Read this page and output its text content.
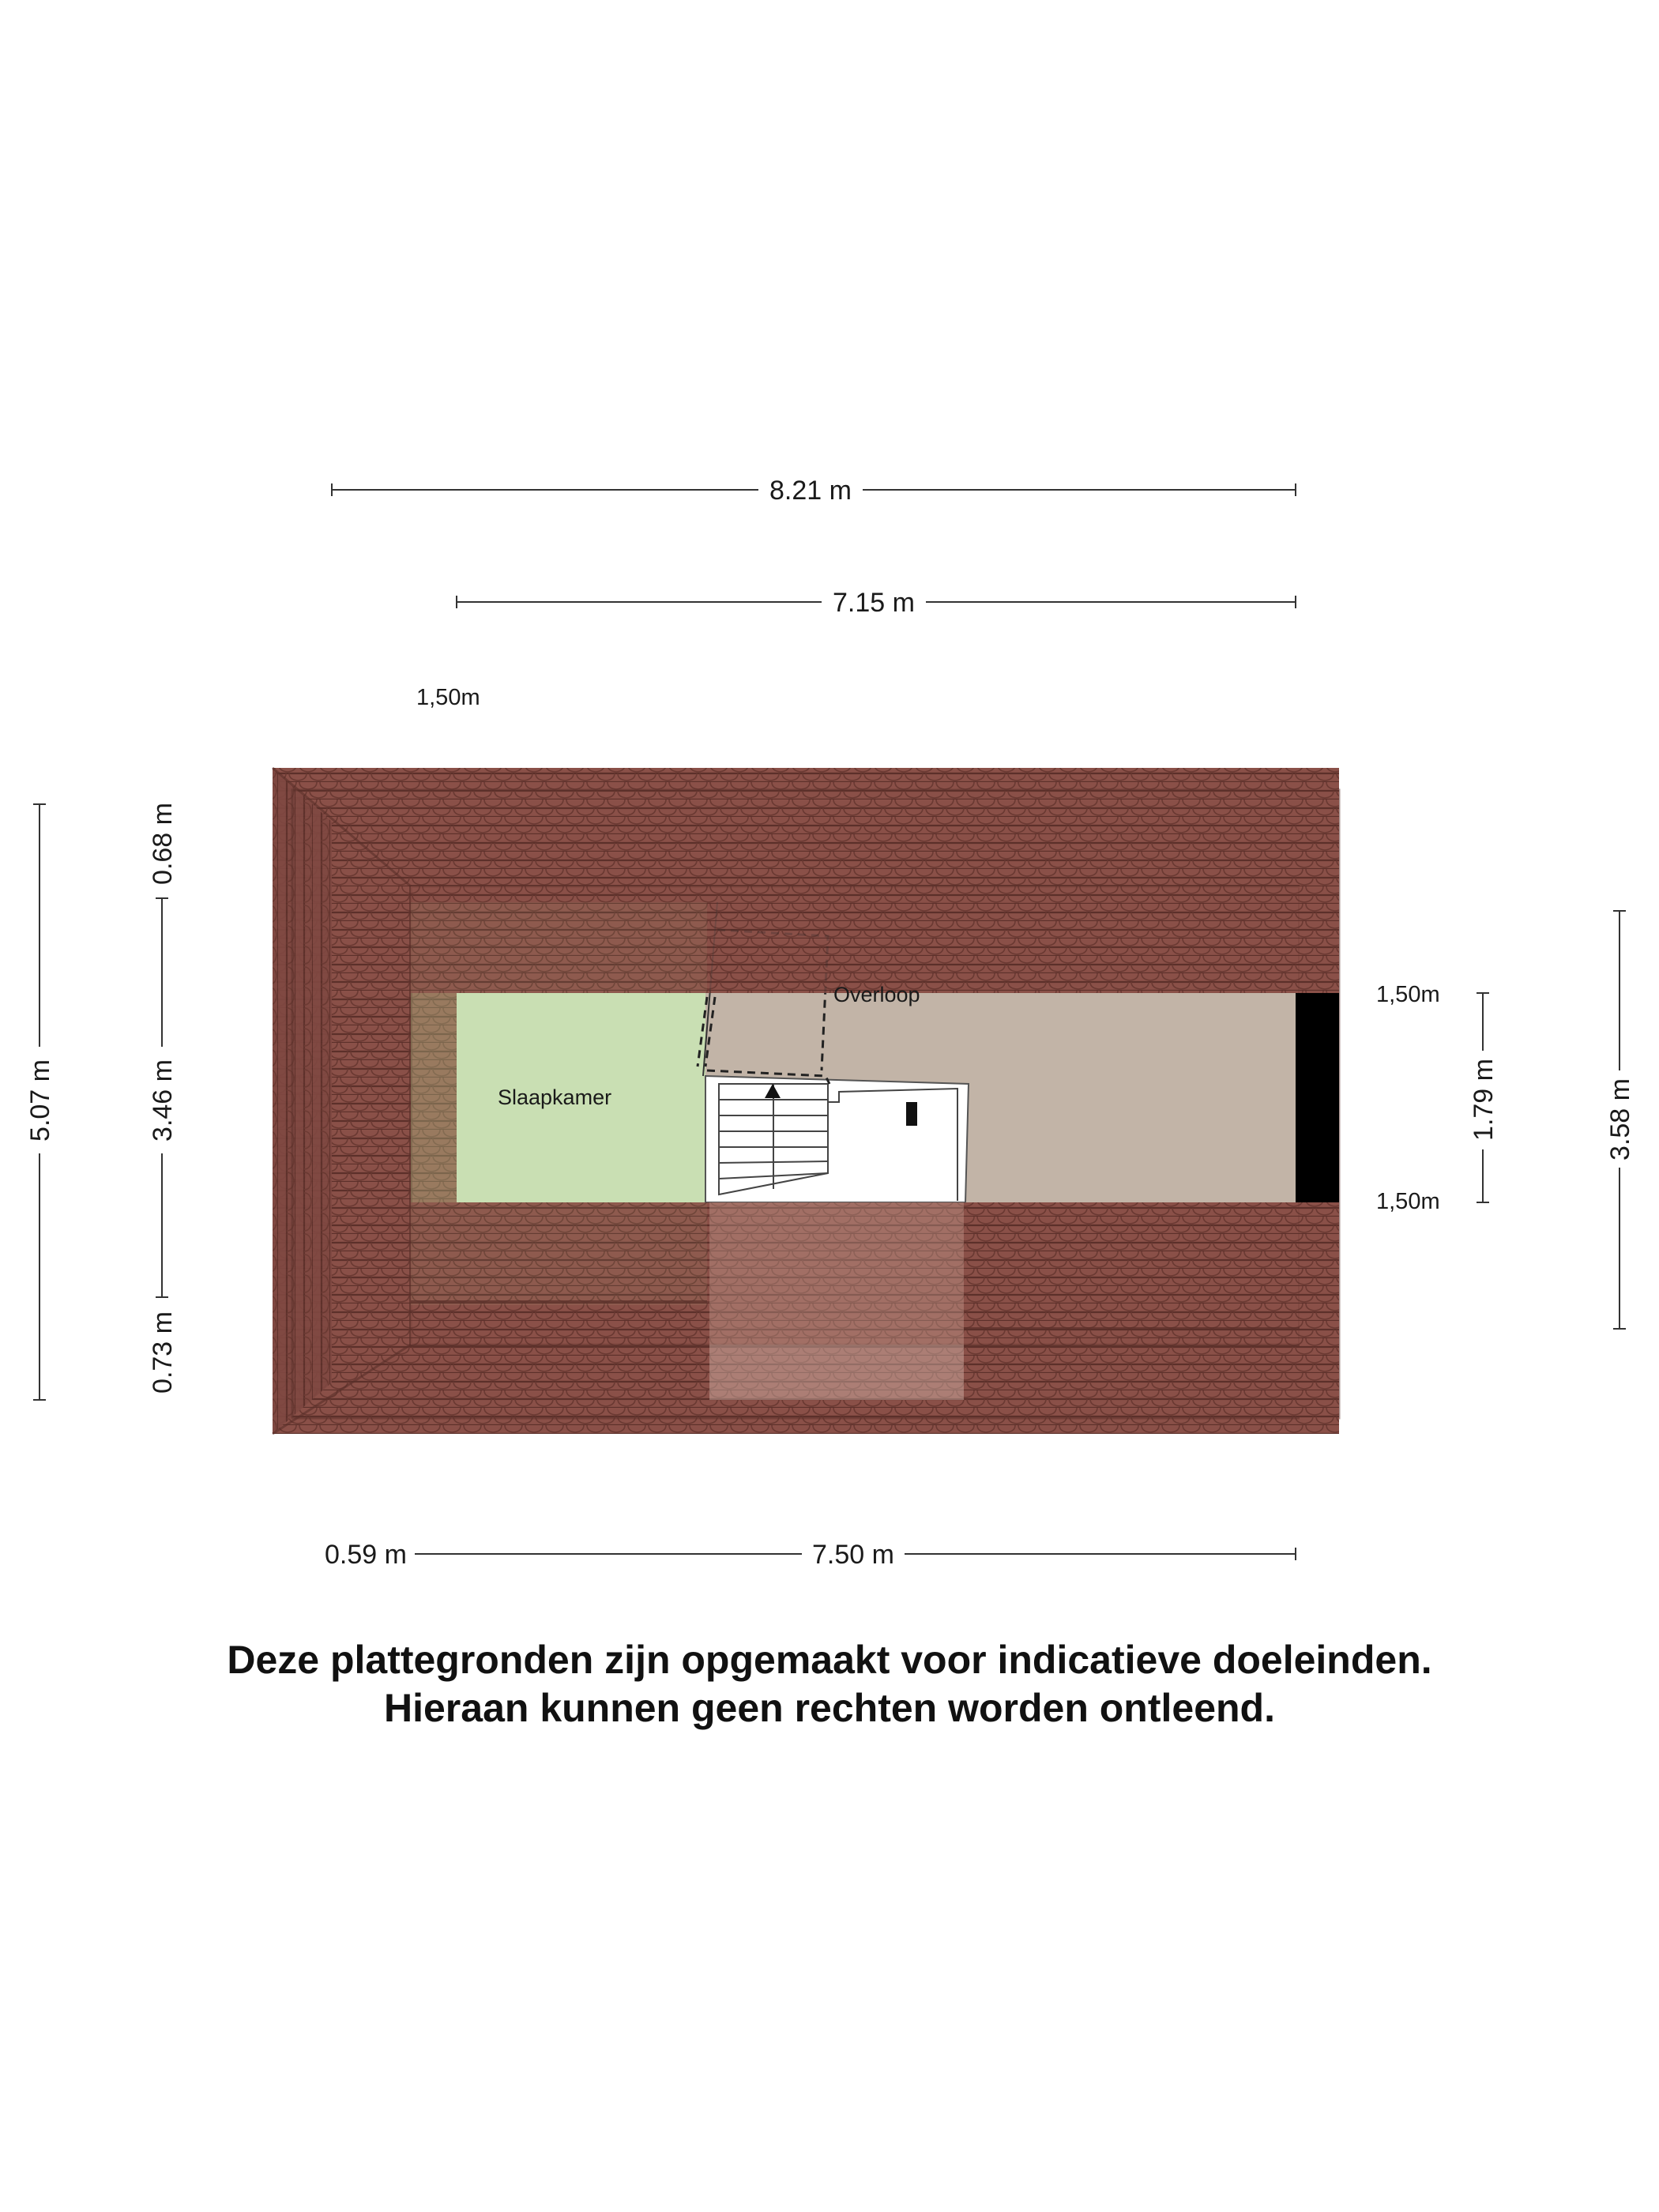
Slaapkamer
Overloop
8.21 m
7.15 m
1,50m
1,50m
1,50m
0.59 m	7.50 m
5.07 m
0.68 m
3.46 m
0.73 m
3.58 m
1.79 m
Deze plattegronden zijn opgemaakt voor indicatieve doeleinden.
Hieraan kunnen geen rechten worden ontleend.
